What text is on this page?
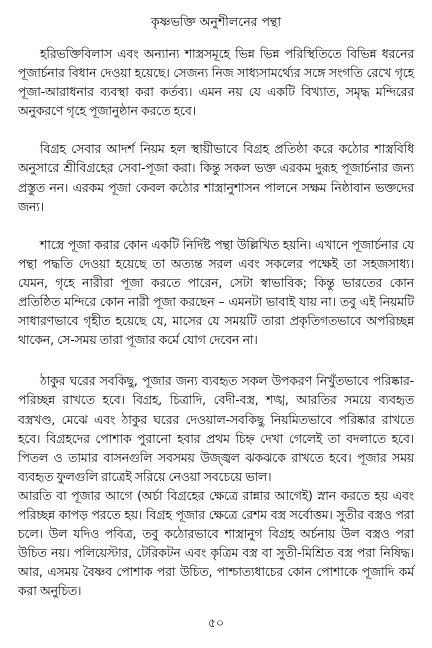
কৃষ্ণভক্তি অনুশীলনের পন্থা

হরিভক্তিবিলাস এবং অন্যান্য শাস্ত্রসমূহে ভিন্ন ভিন্ন পরিস্থিতিতে বিভিন্ন ধরনের পূজার্চনার বিধান দেওয়া হয়েছে। সেজন্য নিজ সাধ্যসামর্থ্যের সঙ্গে সংগতি রেখে গৃহে পূজা-আরাধনার ব্যবস্থা করা কর্তব্য। এমন নয় যে একটি বিখ্যাত, সমৃদ্ধ মন্দিরের অনুকরণে গৃহে পূজানুষ্ঠান করতে হবে।

বিগ্রহ সেবার আদর্শ নিয়ম হল স্থায়ীভাবে বিগ্রহ প্রতিষ্ঠা করে কঠোর শাস্ত্রবিধি অনুসারে শ্রীবিগ্রহের সেবা-পূজা করা। কিন্তু সকল ভক্ত এরকম দুরূহ পূজার্চনার জন্য প্রস্তুত নন। এরকম পূজা কেবল কঠোর শাস্ত্রানুশাসন পালনে সক্ষম নিষ্ঠাবান ভক্তদের জন্য।

শাস্ত্রে পূজা করার কোন একটি নির্দিষ্ট পন্থা উল্লিখিত হয়নি। এখানে পূজার্চনার যে পন্থা পদ্ধতি দেওয়া হয়েছে তা অত্যন্ত সরল এবং সকলের পক্ষেই তা সহজসাধ্য। যেমন, গৃহে নারীরা পূজা করতে পারেন, সেটা স্বাভাবিক; কিন্তু ভারতের কোন প্রতিষ্ঠিত মন্দিরে কোন নারী পূজা করছেন – এমনটা ভাবাই যায় না। তবু এই নিয়মটি সাধারণভাবে গৃহীত হয়েছে যে, মাসের যে সময়টি তারা প্রকৃতিগতভাবে অপরিচ্ছন্ন থাকেন, সে-সময় তারা পূজার কর্মে যোগ দেবেন না।

ঠাকুর ঘরের সবকিছু, পূজার জন্য ব্যবহৃত সকল উপকরণ নিখুঁতভাবে পরিষ্কার-পরিচ্ছন্ন রাখতে হবে। বিগ্রহ, চিত্রাদি, বেদী-বস্ত্র, শঙ্খ, আরতির সময়ে ব্যবহৃত বস্ত্রখণ্ড, মেঝে এবং ঠাকুর ঘরের দেওয়াল-সবকিছু নিয়মিতভাবে পরিষ্কার রাখতে হবে। বিগ্রহদের পোশাক পুরানো হবার প্রথম চিহ্ন দেখা গেলেই তা বদলাতে হবে। পিতল ও তামার বাসনগুলি সবসময় উজ্জ্বল ঝকঝকে রাখতে হবে। পূজার সময় ব্যবহৃত ফুলগুলি রাত্রেই সরিয়ে নেওয়া সবচেয়ে ভাল।

আরতি বা পূজার আগে (অর্চা বিগ্রহের ক্ষেত্রে রান্নার আগেই) স্নান করতে হয় এবং পরিচ্ছন্ন কাপড় পরতে হয়। বিগ্রহ পূজার ক্ষেত্রে রেশম বস্ত্র সর্বোত্তম। সুতীর বস্ত্রও পরা চলে। উল যদিও পবিত্র, তবু কঠোরভাবে শাস্ত্রানুগ বিগ্রহ অর্চনায় উল বস্ত্রও পরা উচিত নয়। পলিয়েস্টার, টেরিকটন এবং কৃত্রিম বস্ত্র বা সুতী-মিশ্রিত বস্ত্র পরা নিষিদ্ধ। আর, এসময় বৈষ্ণব পোশাক পরা উচিত, পাশ্চাত্যধাচের কোন পোশাকে পূজাদি কর্ম করা অনুচিত।

৫০
